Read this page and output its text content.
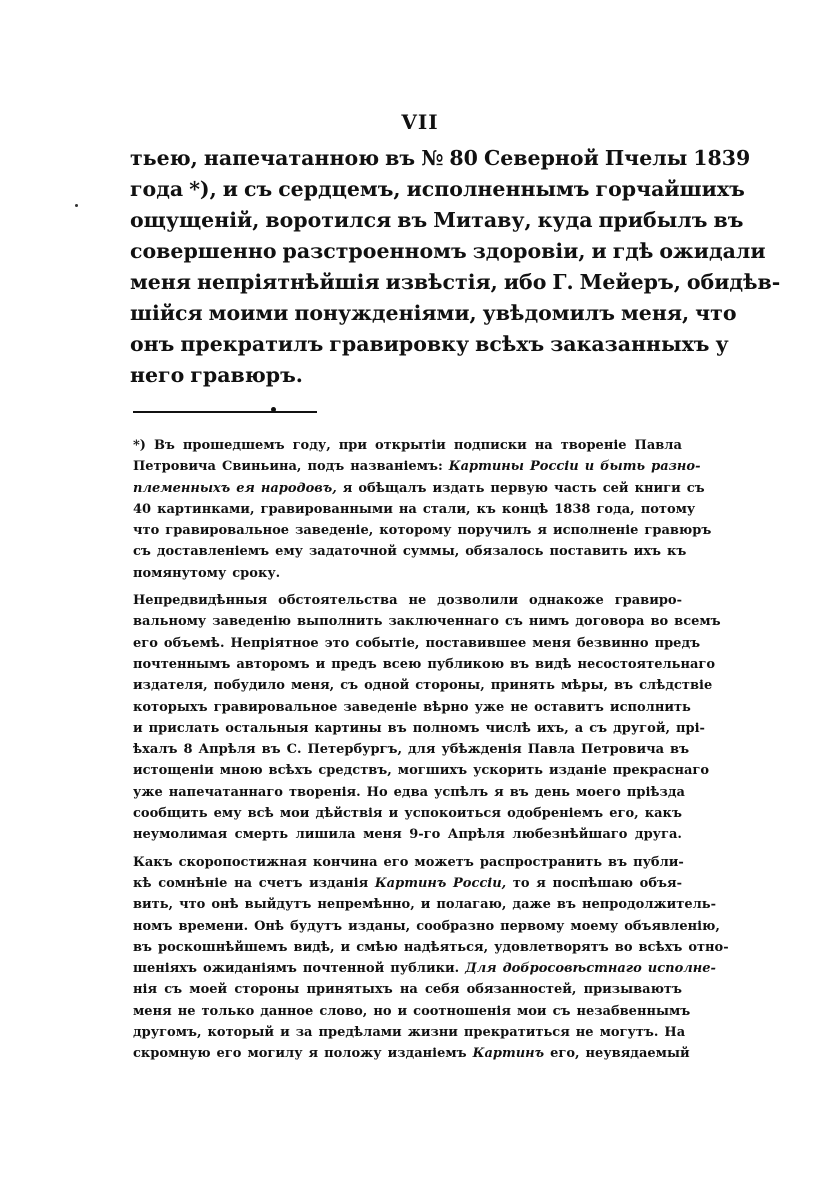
VII
тьею, напечатанною въ № 80 Северной Пчелы 1839
года *), и съ сердцемъ, исполненнымъ горчайшихъ
ощущеній, воротился въ Митаву, куда прибылъ въ
совершенно разстроенномъ здоровіи, и гдѣ ожидали
меня непріятнѣйшія извѣстія, ибо Г. Мейеръ, обидѣв-
шійся моими понужденіями, увѣдомилъ меня, что
онъ прекратилъ гравировку всѣхъ заказанныхъ у
него гравюръ.
*) Въ прошедшемъ году, при открытіи подписки на твореніе Павла
Петровича Свиньина, подъ названіемъ: Картины Россіи и быть разно-
племенныхъ ея народовъ, я обѣщалъ издать первую часть сей книги съ
40 картинками, гравированными на стали, къ концѣ 1838 года, потому
что гравировальное заведеніе, которому поручилъ я исполненіе гравюръ
съ доставленіемъ ему задаточной суммы, обязалось поставить ихъ къ
помянутому сроку.
Непредвидѣнныя обстоятельства не дозволили однакоже гравиро-
вальному заведенію выполнить заключеннаго съ нимъ договора во всемъ
его объемѣ. Непріятное это событіе, поставившее меня безвинно предъ
почтеннымъ авторомъ и предъ всею публикою въ видѣ несостоятельнаго
издателя, побудило меня, съ одной стороны, принять мѣры, въ слѣдствіе
которыхъ гравировальное заведеніе вѣрно уже не оставитъ исполнить
и прислать остальныя картины въ полномъ числѣ ихъ, а съ другой, прі-
ѣхалъ 8 Апрѣля въ С. Петербургъ, для убѣжденія Павла Петровича въ
истощеніи мною всѣхъ средствъ, могшихъ ускорить изданіе прекраснаго
уже напечатаннаго творенія. Но едва успѣлъ я въ день моего пріѣзда
сообщить ему всѣ мои дѣйствія и успокоиться одобреніемъ его, какъ
неумолимая смерть лишила меня 9-го Апрѣля любезнѣйшаго друга.
Какъ скоропостижная кончина его можетъ распространить въ публи-
кѣ сомнѣніе на счетъ изданія Картинъ Россіи, то я поспѣшаю объя-
вить, что онѣ выйдутъ непремѣнно, и полагаю, даже въ непродолжитель-
номъ времени. Онѣ будутъ изданы, сообразно первому моему объявленію,
въ роскошнѣйшемъ видѣ, и смѣю надѣяться, удовлетворятъ во всѣхъ отно-
шеніяхъ ожиданіямъ почтенной публики. Для добросовѣстнаго исполне-
нія съ моей стороны принятыхъ на себя обязанностей, призываютъ
меня не только данное слово, но и соотношенія мои съ незабвеннымъ
другомъ, который и за предѣлами жизни прекратиться не могутъ. На
скромную его могилу я положу изданіемъ Картинъ его, неувядаемый
